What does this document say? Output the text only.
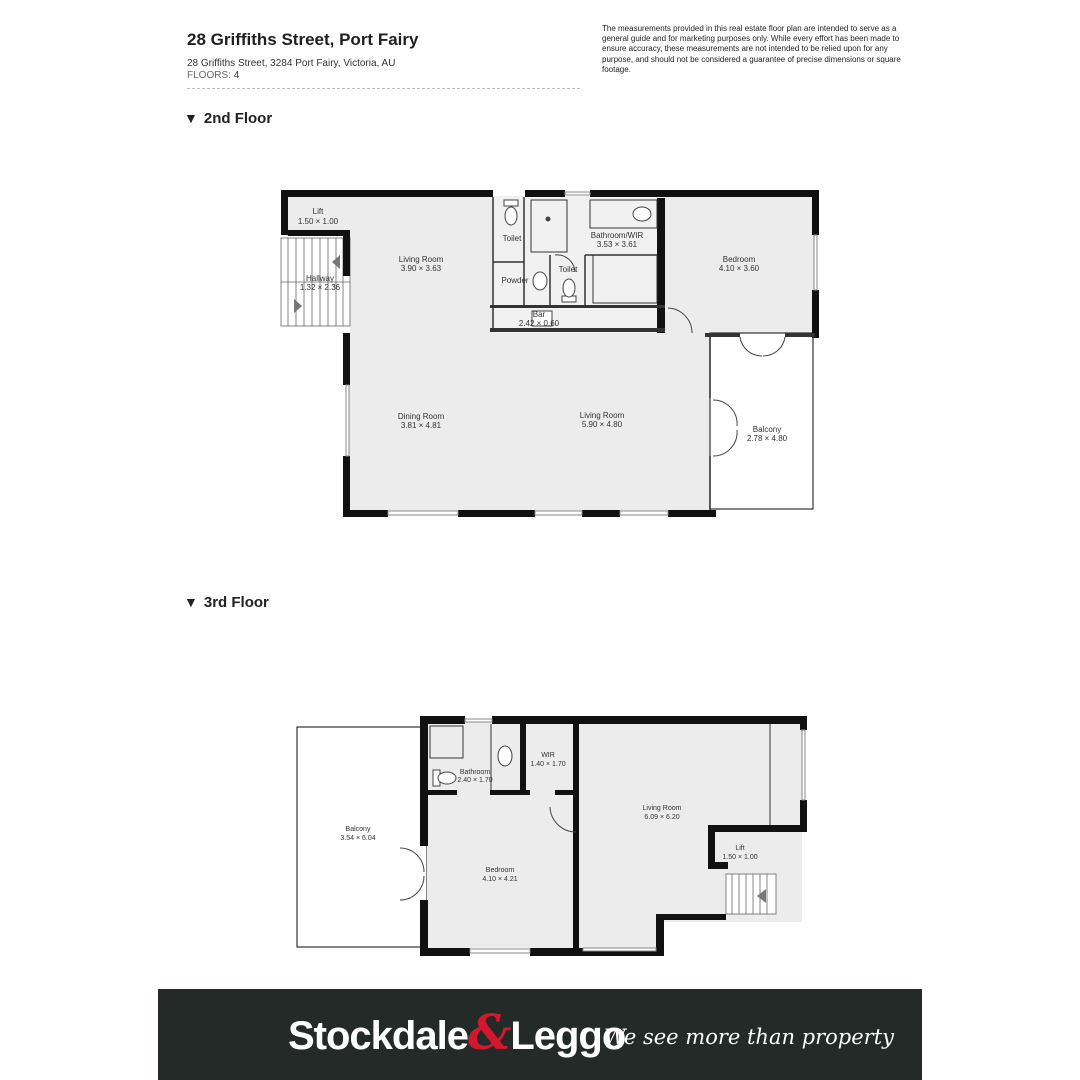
28 Griffiths Street, Port Fairy
28 Griffiths Street, 3284 Port Fairy, Victoria, AU
FLOORS: 4
The measurements provided in this real estate floor plan are intended to serve as a general guide and for marketing purposes only. While every effort has been made to ensure accuracy, these measurements are not intended to be relied upon for any purpose, and should not be considered a guarantee of precise dimensions or square footage.
▼ 2nd Floor
▼ 3rd Floor
Lift
1.50 × 1.00
Hallway
1.32 × 2.36
Living Room
3.90 × 3.63
Toilet
Powder
Toilet
Bathroom/WIR
3.53 × 3.61
Bedroom
4.10 × 3.60
Bar
2.42 × 0.60
Dining Room
3.81 × 4.81
Living Room
5.90 × 4.80
Balcony
2.78 × 4.80
Balcony
3.54 × 6.04
Bathroom
2.40 × 1.70
WIR
1.40 × 1.70
Living Room
6.09 × 6.20
Lift
1.50 × 1.00
Bedroom
4.10 × 4.21
Stockdale&Leggo
We see more than property
